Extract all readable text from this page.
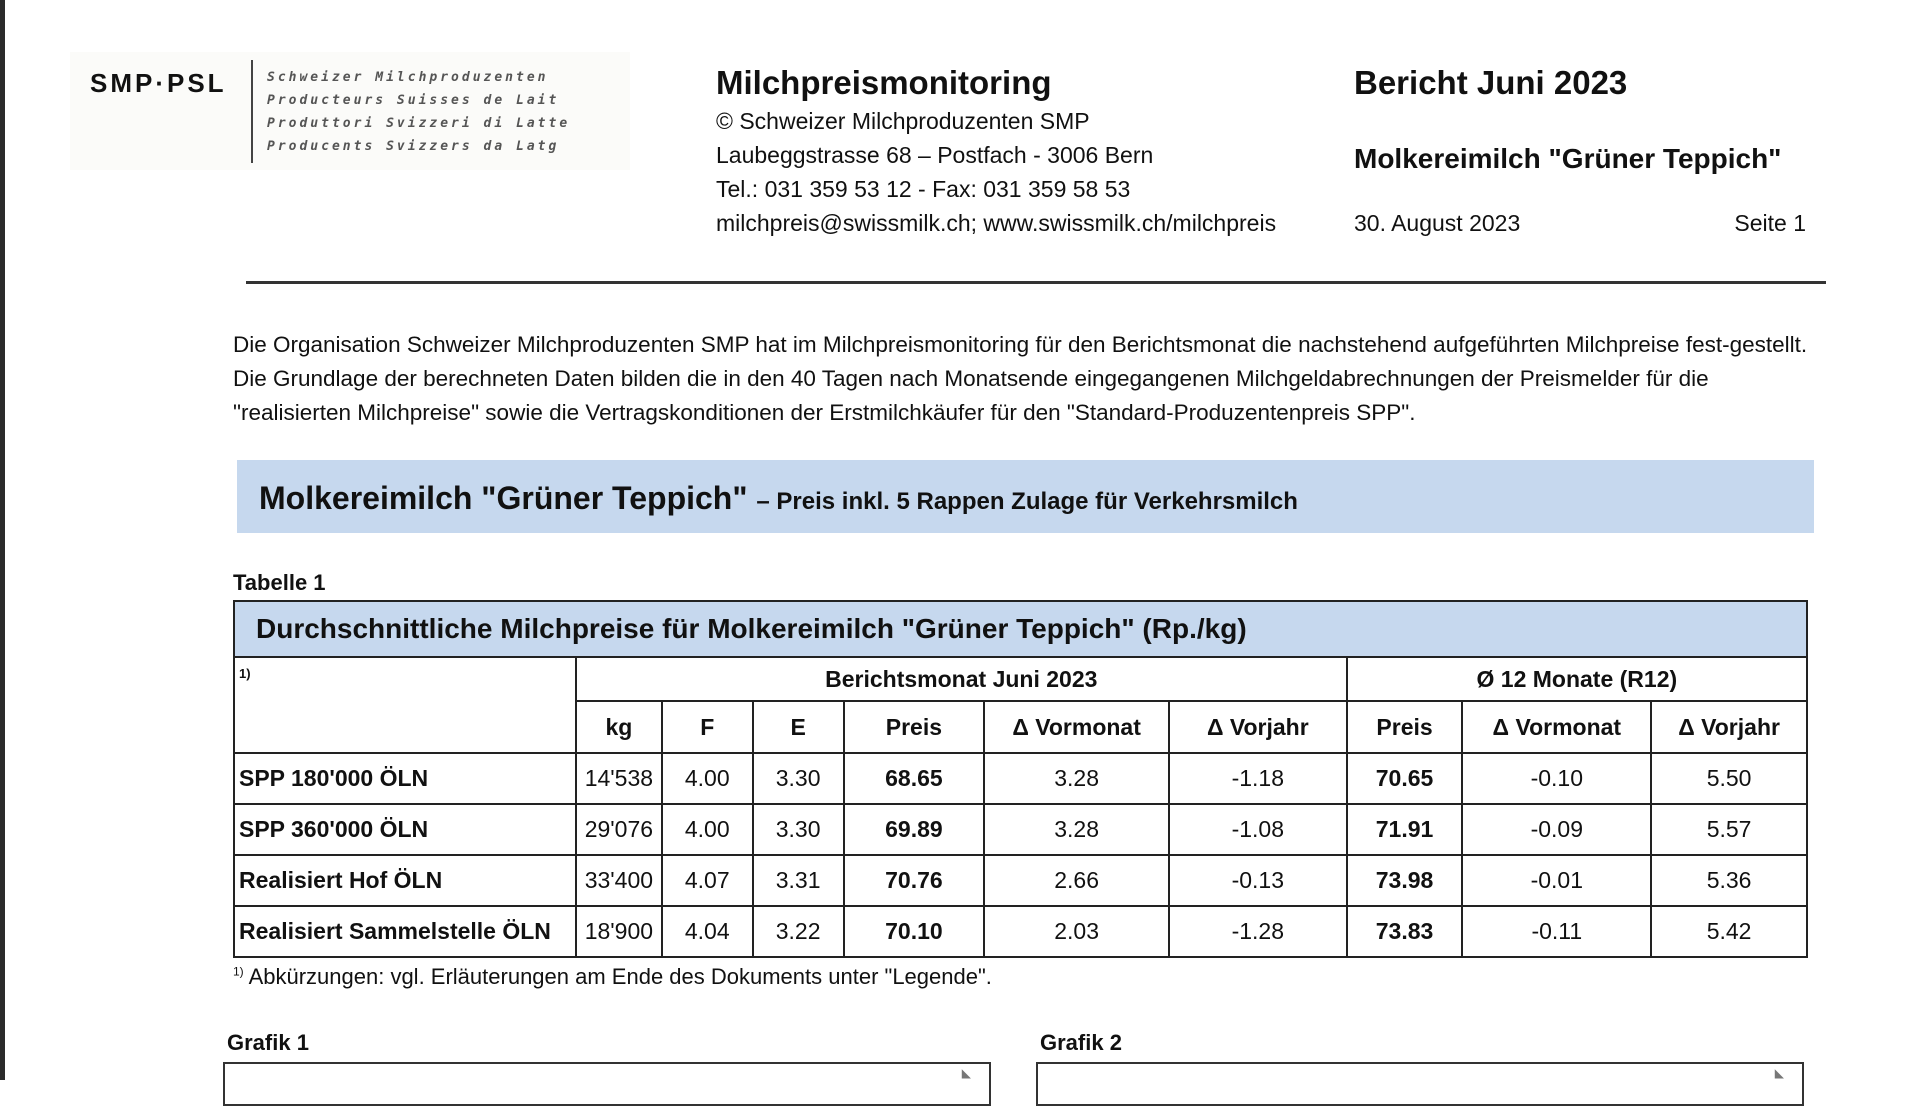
SMP·PSL	Schweizer Milchproduzenten
Producteurs Suisses de Lait
Produttori Svizzeri di Latte
Producents Svizzers da Latg
Milchpreismonitoring
© Schweizer Milchproduzenten SMP
Laubeggstrasse 68 – Postfach - 3006 Bern
Tel.: 031 359 53 12 - Fax: 031 359 58 53
milchpreis@swissmilk.ch; www.swissmilk.ch/milchpreis
Bericht Juni 2023
Molkereimilch "Grüner Teppich"
30. August 2023	Seite 1
Die Organisation Schweizer Milchproduzenten SMP hat im Milchpreismonitoring für den Berichtsmonat die nachstehend aufgeführten Milchpreise fest-gestellt. Die Grundlage der berechneten Daten bilden die in den 40 Tagen nach Monatsende eingegangenen Milchgeldabrechnungen der Preismelder für die "realisierten Milchpreise" sowie die Vertragskonditionen der Erstmilchkäufer für den "Standard-Produzentenpreis SPP".
Molkereimilch "Grüner Teppich" – Preis inkl. 5 Rappen Zulage für Verkehrsmilch
Tabelle 1
Durchschnittliche Milchpreise für Molkereimilch "Grüner Teppich" (Rp./kg)									
1)	Berichtsmonat Juni 2023						Ø 12 Monate (R12)		
	kg	F	E	Preis	Δ Vormonat	Δ Vorjahr	Preis	Δ Vormonat	Δ Vorjahr
SPP 180'000 ÖLN	14'538	4.00	3.30	68.65	3.28	-1.18	70.65	-0.10	5.50
SPP 360'000 ÖLN	29'076	4.00	3.30	69.89	3.28	-1.08	71.91	-0.09	5.57
Realisiert Hof ÖLN	33'400	4.07	3.31	70.76	2.66	-0.13	73.98	-0.01	5.36
Realisiert Sammelstelle ÖLN	18'900	4.04	3.22	70.10	2.03	-1.28	73.83	-0.11	5.42
$^{1)}$ Abkürzungen: vgl. Erläuterungen am Ende des Dokuments unter "Legende".
Grafik 1
◣
Grafik 2
◣
